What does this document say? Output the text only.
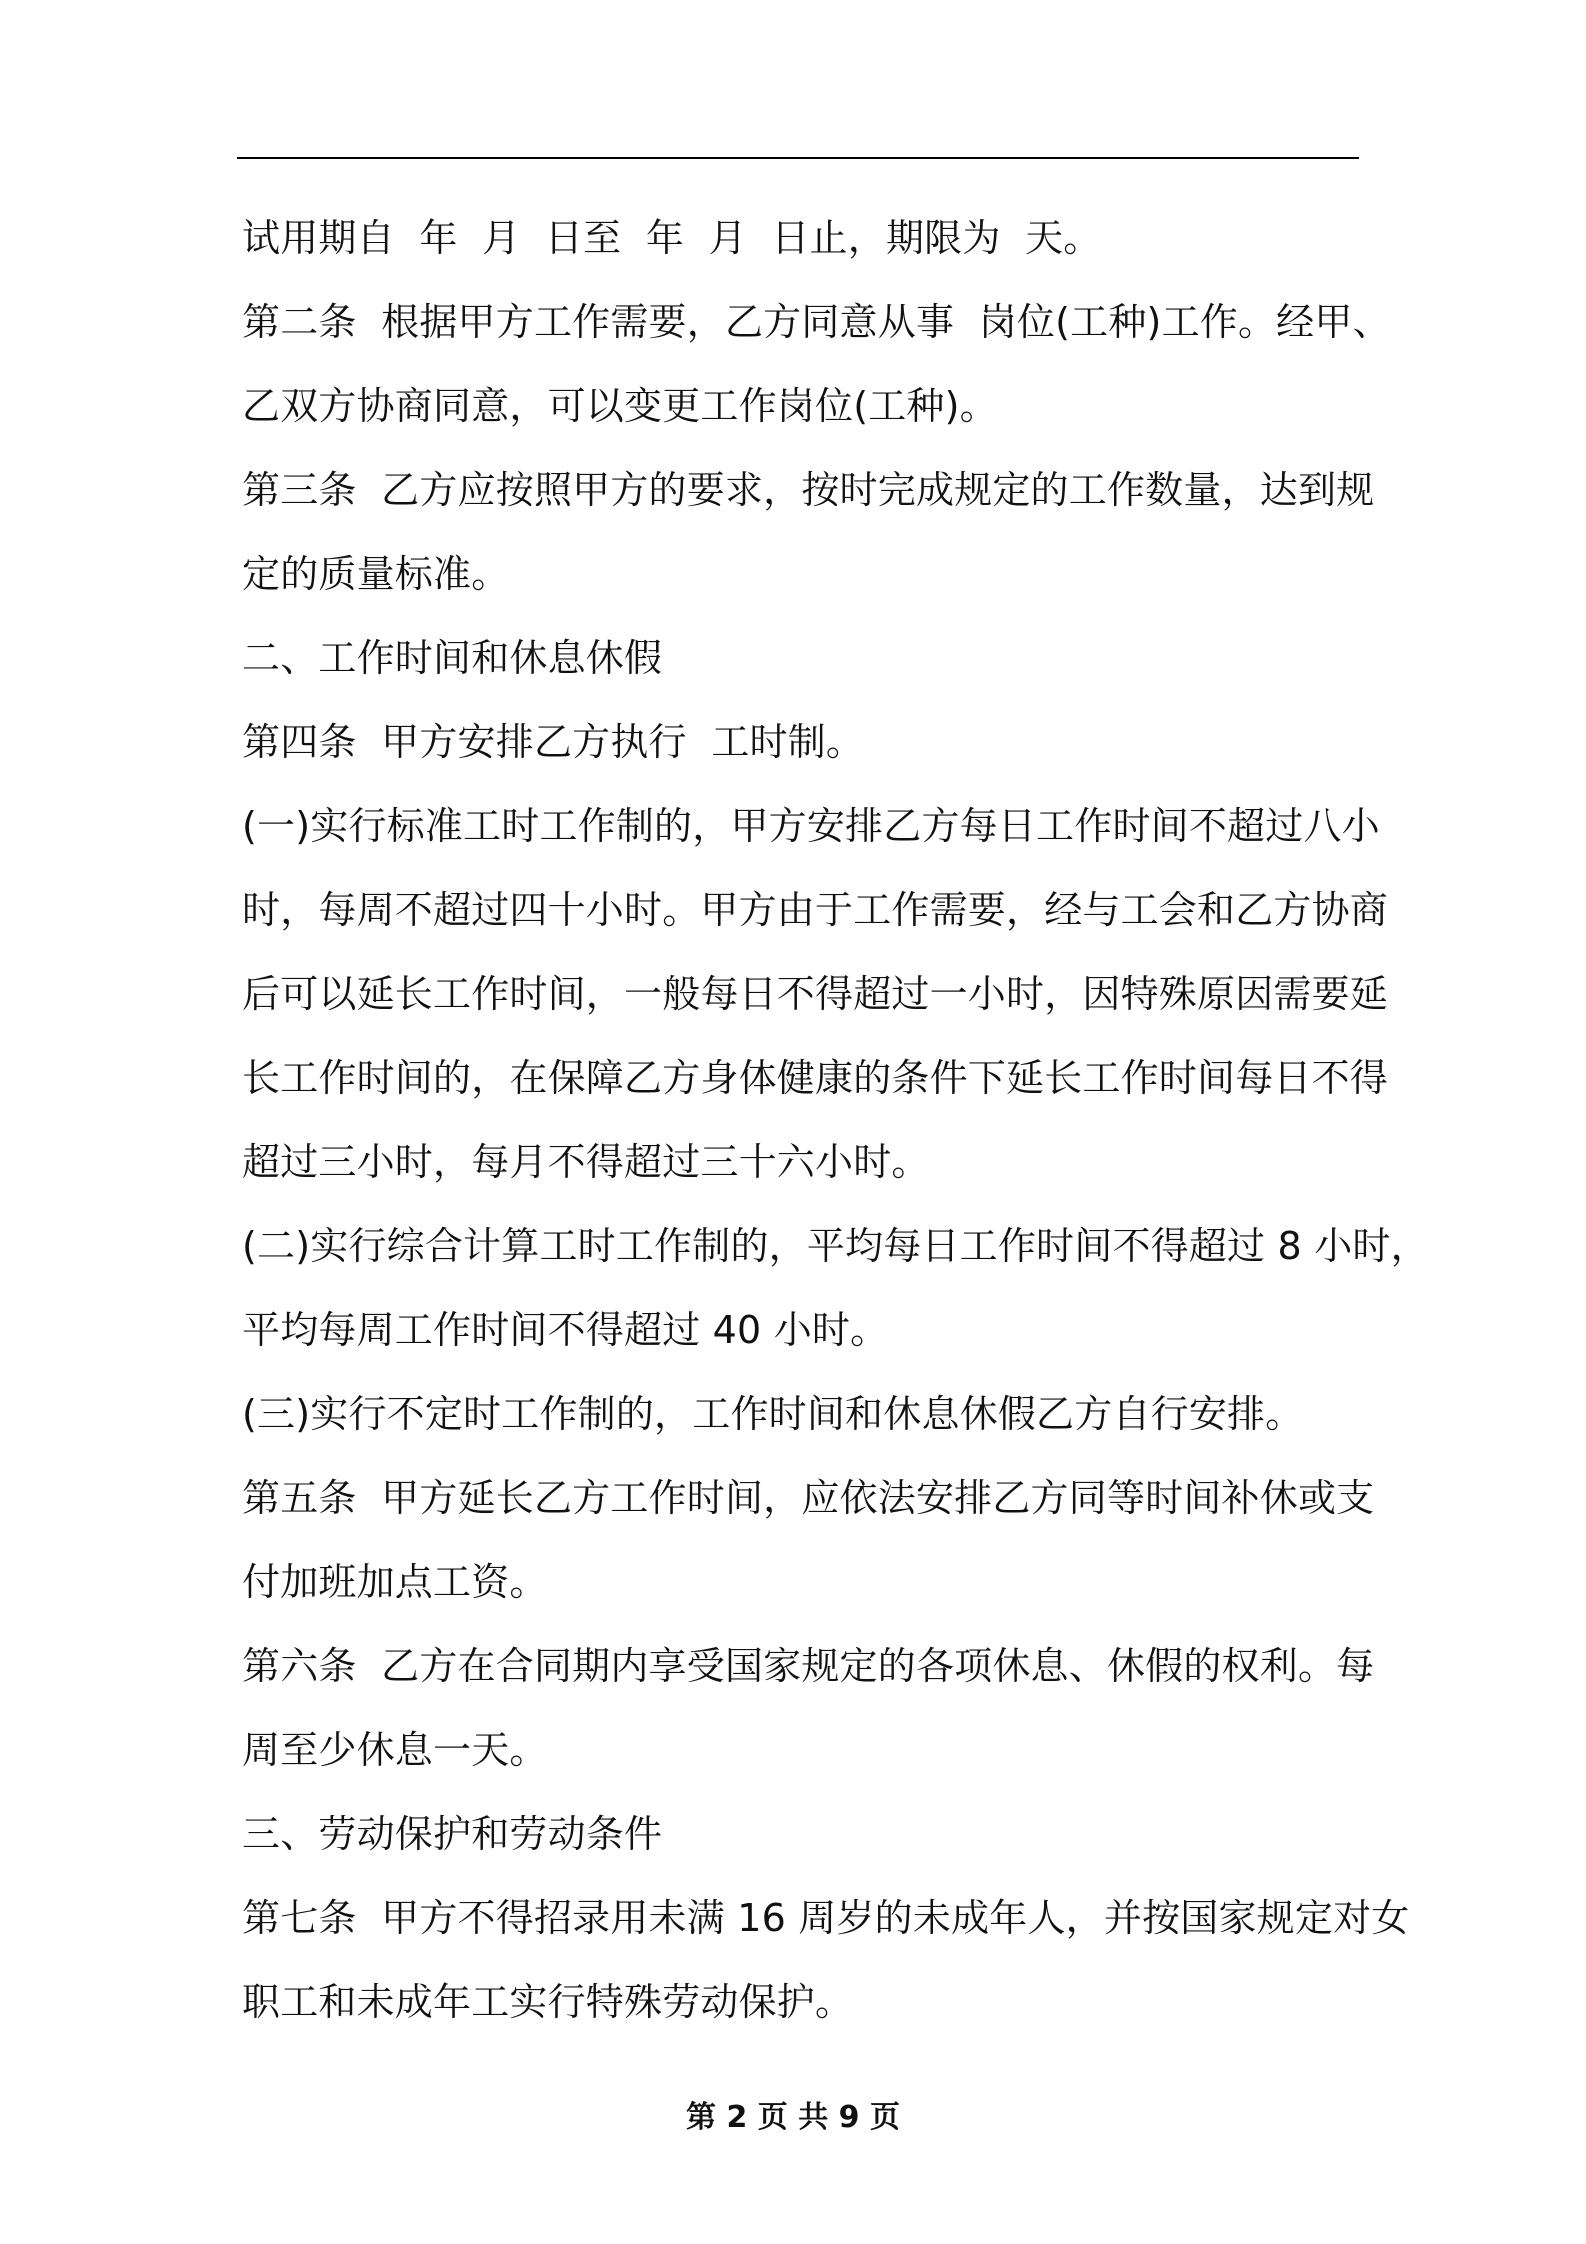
试用期自  年  月  日至  年  月  日止，期限为  天。
第二条  根据甲方工作需要，乙方同意从事  岗位(工种)工作。经甲、
乙双方协商同意，可以变更工作岗位(工种)。
第三条  乙方应按照甲方的要求，按时完成规定的工作数量，达到规
定的质量标准。
二、工作时间和休息休假
第四条  甲方安排乙方执行  工时制。
(一)实行标准工时工作制的，甲方安排乙方每日工作时间不超过八小
时，每周不超过四十小时。甲方由于工作需要，经与工会和乙方协商
后可以延长工作时间，一般每日不得超过一小时，因特殊原因需要延
长工作时间的，在保障乙方身体健康的条件下延长工作时间每日不得
超过三小时，每月不得超过三十六小时。
(二)实行综合计算工时工作制的，平均每日工作时间不得超过 8 小时，
平均每周工作时间不得超过 40 小时。
(三)实行不定时工作制的，工作时间和休息休假乙方自行安排。
第五条  甲方延长乙方工作时间，应依法安排乙方同等时间补休或支
付加班加点工资。
第六条  乙方在合同期内享受国家规定的各项休息、休假的权利。每
周至少休息一天。
三、劳动保护和劳动条件
第七条  甲方不得招录用未满 16 周岁的未成年人，并按国家规定对女
职工和未成年工实行特殊劳动保护。
第 2 页 共 9 页
